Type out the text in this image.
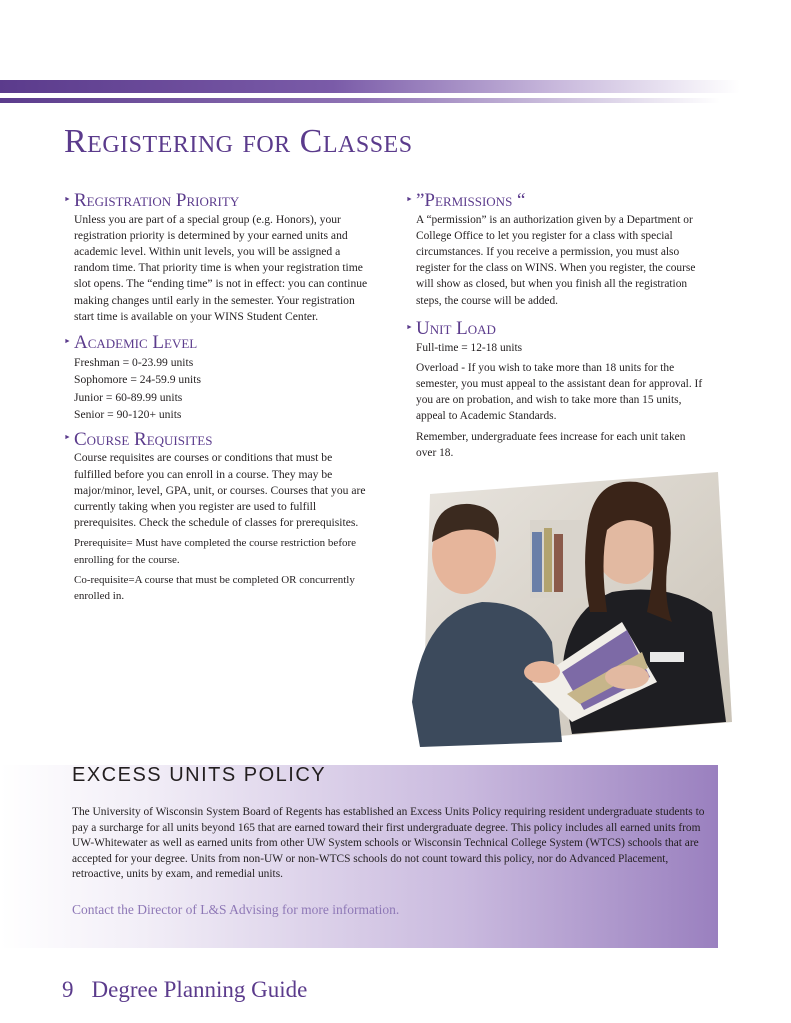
Registering for Classes
► Registration Priority

Unless you are part of a special group (e.g. Honors), your registration priority is determined by your earned units and academic level. Within unit levels, you will be assigned a random time. That priority time is when your registration time slot opens. The “ending time” is not in effect: you can continue making changes until early in the semester. Your registration start time is available on your WINS Student Center.

► Academic Level
Freshman = 0-23.99 units
Sophomore = 24-59.9 units
Junior = 60-89.99 units
Senior = 90-120+ units
► Course Requisites

Course requisites are courses or conditions that must be fulfilled before you can enroll in a course. They may be major/minor, level, GPA, unit, or courses. Courses that you are currently taking when you register are used to fulfill prerequisites. Check the schedule of classes for prerequisites.

Prerequisite= Must have completed the course restriction before enrolling for the course.

Co-requisite=A course that must be completed OR concurrently enrolled in.

► ”Permissions “

A “permission” is an authorization given by a Department or College Office to let you register for a class with special circumstances. If you receive a permission, you must also register for the class on WINS. When you register, the course will show as closed, but when you finish all the registration steps, the course will be added.

► Unit Load

Full-time = 12-18 units

Overload - If you wish to take more than 18 units for the semester, you must appeal to the assistant dean for approval. If you are on probation, and wish to take more than 15 units, appeal to Academic Standards.

Remember, undergraduate fees increase for each unit taken over 18.

EXCESS UNITS POLICY

The University of Wisconsin System Board of Regents has established an Excess Units Policy requiring resident undergraduate students to pay a surcharge for all units beyond 165 that are earned toward their first undergraduate degree. This policy includes all earned units from UW-Whitewater as well as earned units from other UW System schools or Wisconsin Technical College System (WTCS) schools that are accepted for your degree. Units from non-UW or non-WTCS schools do not count toward this policy, nor do Advanced Placement, retroactive, units by exam, and remedial units.

Contact the Director of L&S Advising for more information.

9 Degree Planning Guide
